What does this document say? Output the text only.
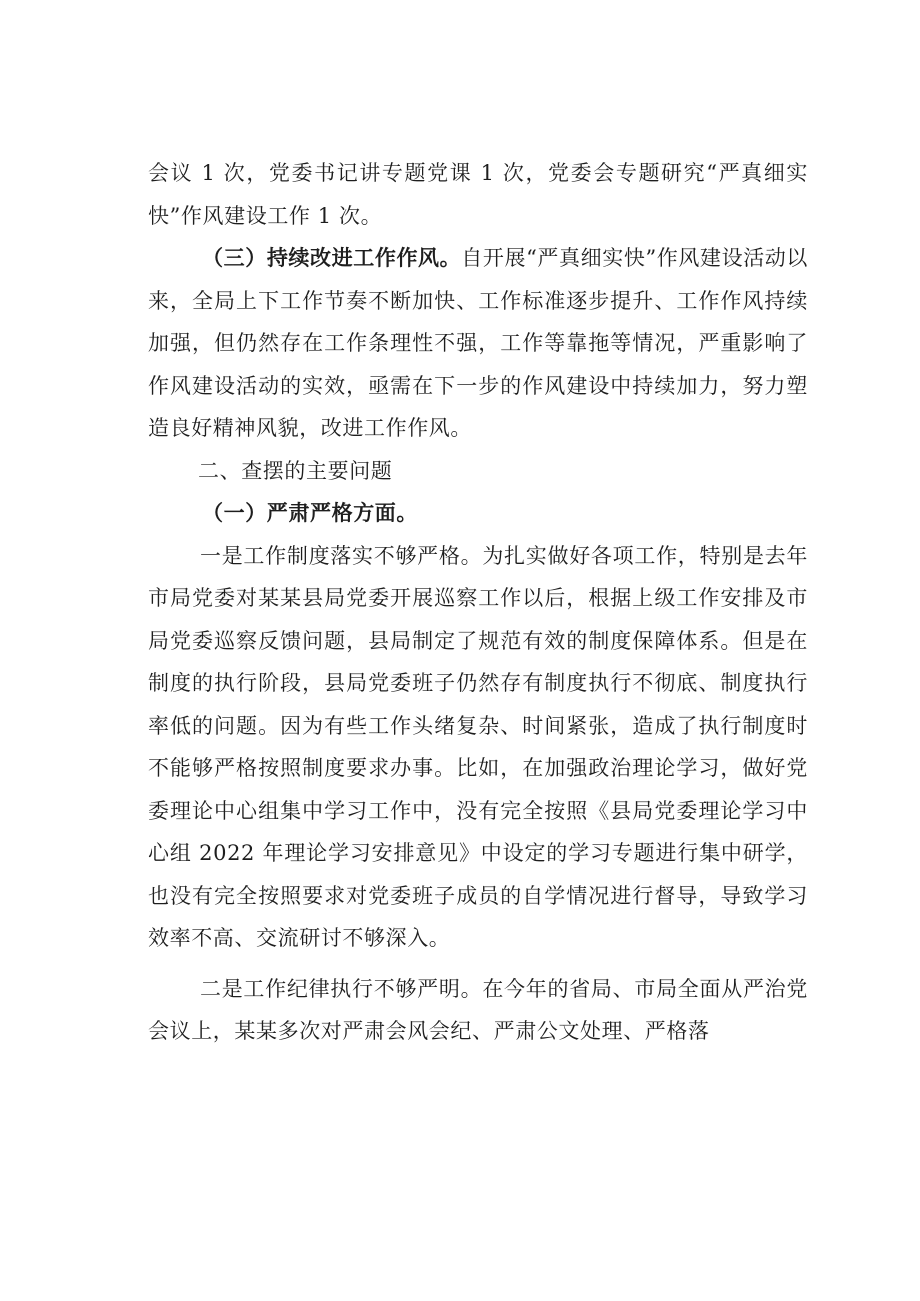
会议 1 次，党委书记讲专题党课 1 次，党委会专题研究“严真细实快”作风建设工作 1 次。

（三）持续改进工作作风。自开展“严真细实快”作风建设活动以来，全局上下工作节奏不断加快、工作标准逐步提升、工作作风持续加强，但仍然存在工作条理性不强，工作等靠拖等情况，严重影响了作风建设活动的实效，亟需在下一步的作风建设中持续加力，努力塑造良好精神风貌，改进工作作风。

二、查摆的主要问题

（一）严肃严格方面。

一是工作制度落实不够严格。为扎实做好各项工作，特别是去年市局党委对某某县局党委开展巡察工作以后，根据上级工作安排及市局党委巡察反馈问题，县局制定了规范有效的制度保障体系。但是在制度的执行阶段，县局党委班子仍然存有制度执行不彻底、制度执行率低的问题。因为有些工作头绪复杂、时间紧张，造成了执行制度时不能够严格按照制度要求办事。比如，在加强政治理论学习，做好党委理论中心组集中学习工作中，没有完全按照《县局党委理论学习中心组 2022 年理论学习安排意见》中设定的学习专题进行集中研学，也没有完全按照要求对党委班子成员的自学情况进行督导，导致学习效率不高、交流研讨不够深入。

二是工作纪律执行不够严明。在今年的省局、市局全面从严治党会议上，某某多次对严肃会风会纪、严肃公文处理、严格落
